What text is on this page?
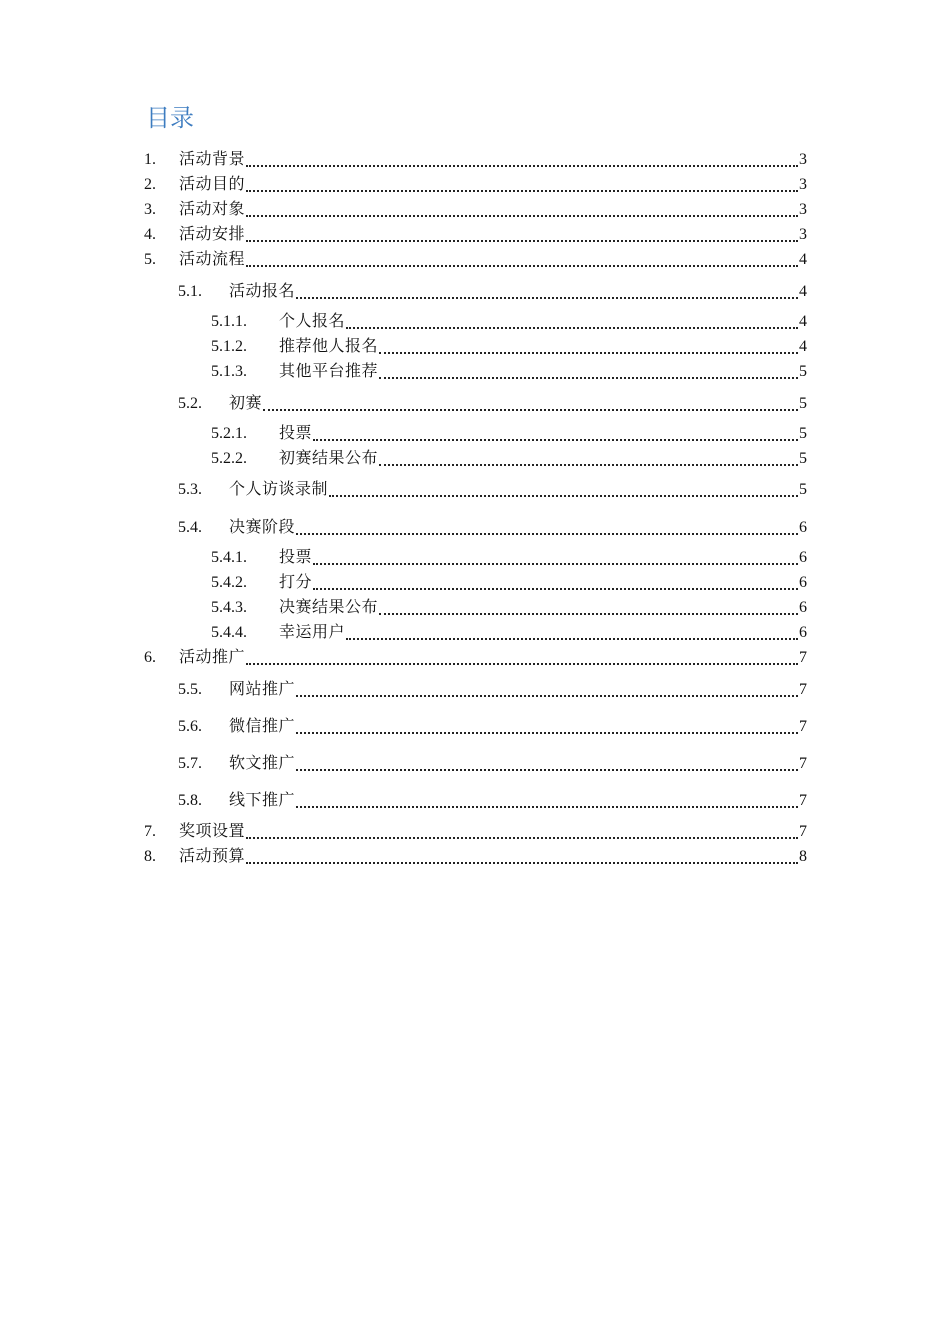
目录
1.	活动背景	3
2.	活动目的	3
3.	活动对象	3
4.	活动安排	3
5.	活动流程	4
5.1.	活动报名	4
5.1.1.	个人报名	4
5.1.2.	推荐他人报名	4
5.1.3.	其他平台推荐	5
5.2.	初赛	5
5.2.1.	投票	5
5.2.2.	初赛结果公布	5
5.3.	个人访谈录制	5
5.4.	决赛阶段	6
5.4.1.	投票	6
5.4.2.	打分	6
5.4.3.	决赛结果公布	6
5.4.4.	幸运用户	6
6.	活动推广	7
5.5.	网站推广	7
5.6.	微信推广	7
5.7.	软文推广	7
5.8.	线下推广	7
7.	奖项设置	7
8.	活动预算	8
